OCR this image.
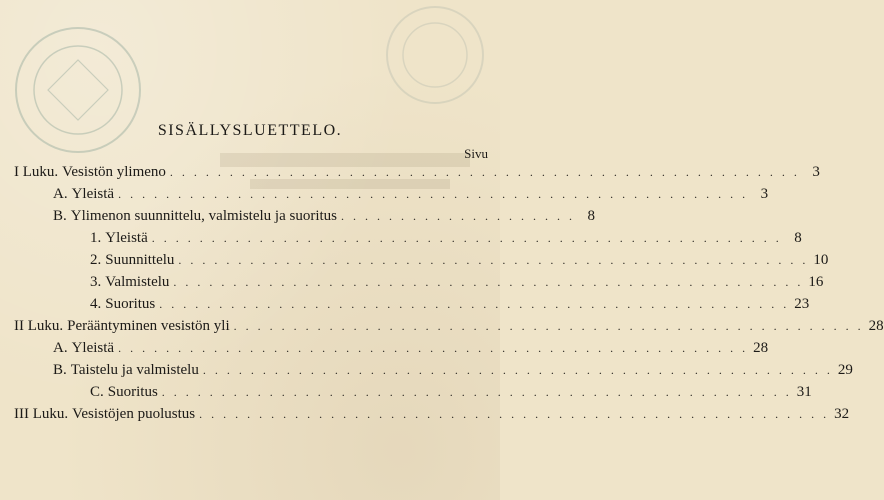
SISÄLLYSLUETTELO.
Sivu
I Luku. Vesistön ylimeno . . . . . . . . . . . . . . . . . . . . . . . . . . . . . . . . . . . . . . . . . . . . . . . . . . . . . 3
A. Yleistä . . . . . . . . . . . . . . . . . . . . . . . . . . . . . . . . . . . . . . . . . . . . . . . . . . . . . 3
B. Ylimenon suunnittelu, valmistelu ja suoritus . . . . . . . . . . . . . . . . . . . . 8
1. Yleistä . . . . . . . . . . . . . . . . . . . . . . . . . . . . . . . . . . . . . . . . . . . . . . . . . . . . . 8
2. Suunnittelu . . . . . . . . . . . . . . . . . . . . . . . . . . . . . . . . . . . . . . . . . . . . . . . . . . . . . 10
3. Valmistelu . . . . . . . . . . . . . . . . . . . . . . . . . . . . . . . . . . . . . . . . . . . . . . . . . . . . . 16
4. Suoritus . . . . . . . . . . . . . . . . . . . . . . . . . . . . . . . . . . . . . . . . . . . . . . . . . . . . . 23
II Luku. Perääntyminen vesistön yli . . . . . . . . . . . . . . . . . . . . . . . . . . . . . . . . . . . . . . . . . . . . . . . . . . . . . 28
A. Yleistä . . . . . . . . . . . . . . . . . . . . . . . . . . . . . . . . . . . . . . . . . . . . . . . . . . . . . 28
B. Taistelu ja valmistelu . . . . . . . . . . . . . . . . . . . . . . . . . . . . . . . . . . . . . . . . . . . . . . . . . . . . . 29
C. Suoritus . . . . . . . . . . . . . . . . . . . . . . . . . . . . . . . . . . . . . . . . . . . . . . . . . . . . . 31
III Luku. Vesistöjen puolustus . . . . . . . . . . . . . . . . . . . . . . . . . . . . . . . . . . . . . . . . . . . . . . . . . . . . . 32
